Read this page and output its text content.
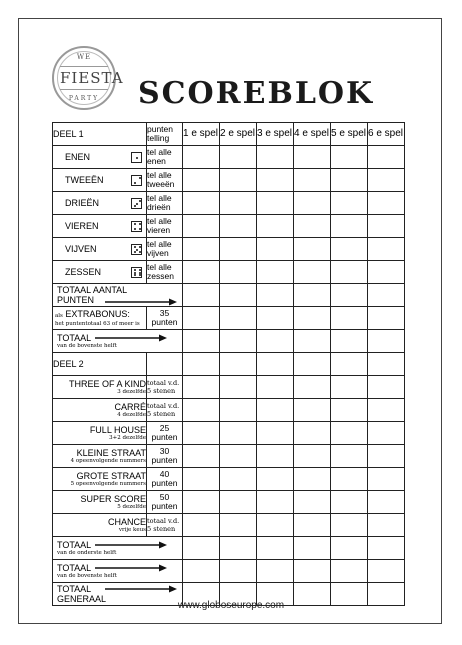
WE
FIESTA
PARTY	SCOREBLOK
DEEL 1	punten telling	1 e spel	2 e spel	3 e spel	4 e spel	5 e spel	6 e spel

ENEN	tel alle enen						

TWEEËN	tel alle tweeën						

DRIEËN	tel alle drieën						

VIEREN	tel alle vieren						

VIJVEN	tel alle vijven						

ZESSEN	tel alle zessen						

TOTAAL AANTAL PUNTEN							

als EXTRABONUS:
het puntentotaal 63 of meer is	35 punten						

TOTAAL
van de bovenste helft							

DEEL 2							

THREE OF A KIND
3 dezelfde	totaal v.d. 5 stenen						

CARRÉ
4 dezelfde	totaal v.d. 5 stenen						

FULL HOUSE
3+2 dezelfde	25 punten						

KLEINE STRAAT
4 opeenvolgende nummers	30 punten						

GROTE STRAAT
5 opeenvolgende nummers	40 punten						

SUPER SCORE
5 dezelfde	50 punten						

CHANCE
vrije keus	totaal v.d. 5 stenen						

TOTAAL
van de onderste helft							

TOTAAL
van de bovenste helft							

TOTAAL GENERAAL							

www.globoseurope.com
